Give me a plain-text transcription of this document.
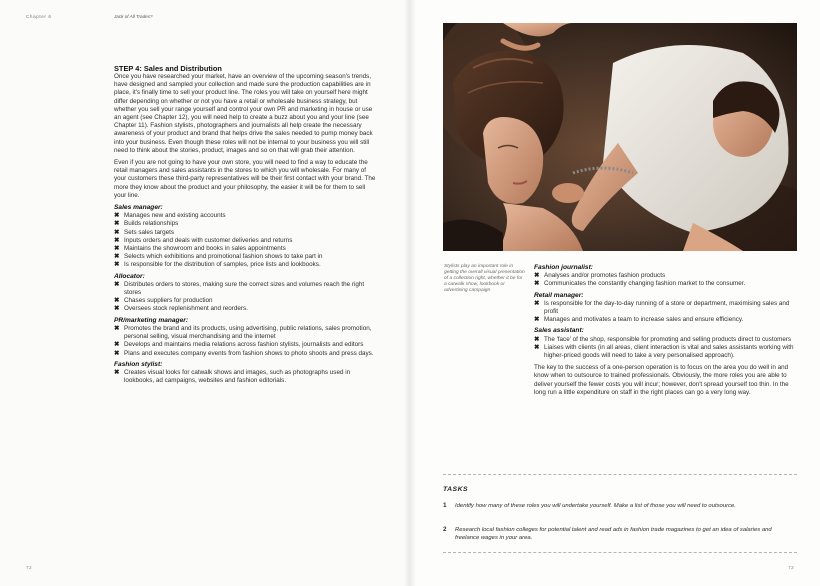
Chapter 6	Jack of All Trades?
STEP 4: Sales and Distribution

Once you have researched your market, have an overview of the upcoming season's trends, have designed and sampled your collection and made sure the production capabilities are in place, it's finally time to sell your product line. The roles you will take on yourself here might differ depending on whether or not you have a retail or wholesale business strategy, but whether you sell your range yourself and control your own PR and marketing in house or use an agent (see Chapter 12), you will need help to create a buzz about you and your line (see Chapter 11). Fashion stylists, photographers and journalists all help create the necessary awareness of your product and brand that helps drive the sales needed to pump money back into your business. Even though these roles will not be internal to your business you will still need to think about the stories, product, images and so on that will grab their attention.

Even if you are not going to have your own store, you will need to find a way to educate the retail managers and sales assistants in the stores to which you will wholesale. For many of your customers these third-party representatives will be their first contact with your brand. The more they know about the product and your philosophy, the easier it will be for them to sell your line.

Sales manager:
✖ Manages new and existing accounts
✖ Builds relationships
✖ Sets sales targets
✖ Inputs orders and deals with customer deliveries and returns
✖ Maintains the showroom and books in sales appointments
✖ Selects which exhibitions and promotional fashion shows to take part in
✖ Is responsible for the distribution of samples, price lists and lookbooks.
Allocator:
✖ Distributes orders to stores, making sure the correct sizes and volumes reach the right stores
✖ Chases suppliers for production
✖ Oversees stock replenishment and reorders.
PR/marketing manager:
✖ Promotes the brand and its products, using advertising, public relations, sales promotion, personal selling, visual merchandising and the internet
✖ Develops and maintains media relations across fashion stylists, journalists and editors
✖ Plans and executes company events from fashion shows to photo shoots and press days.
Fashion stylist:
✖ Creates visual looks for catwalk shows and images, such as photographs used in lookbooks, ad campaigns, websites and fashion editorials.
72	73
Stylists play an important role in getting the overall visual presentation of a collection right, whether it be for a catwalk show, lookbook or advertising campaign
Fashion journalist:
✖ Analyses and/or promotes fashion products
✖ Communicates the constantly changing fashion market to the consumer.
Retail manager:
✖ Is responsible for the day-to-day running of a store or department, maximising sales and profit
✖ Manages and motivates a team to increase sales and ensure efficiency.
Sales assistant:
✖ The 'face' of the shop, responsible for promoting and selling products direct to customers
✖ Liaises with clients (in all areas, client interaction is vital and sales assistants working with higher-priced goods will need to take a very personalised approach).

The key to the success of a one-person operation is to focus on the area you do well in and know when to outsource to trained professionals. Obviously, the more roles you are able to deliver yourself the fewer costs you will incur; however, don't spread yourself too thin. In the long run a little expenditure on staff in the right places can go a very long way.

TASKS
1	Identify how many of these roles you will undertake yourself. Make a list of those you will need to outsource.
2	Research local fashion colleges for potential talent and read ads in fashion trade magazines to get an idea of salaries and freelance wages in your area.
